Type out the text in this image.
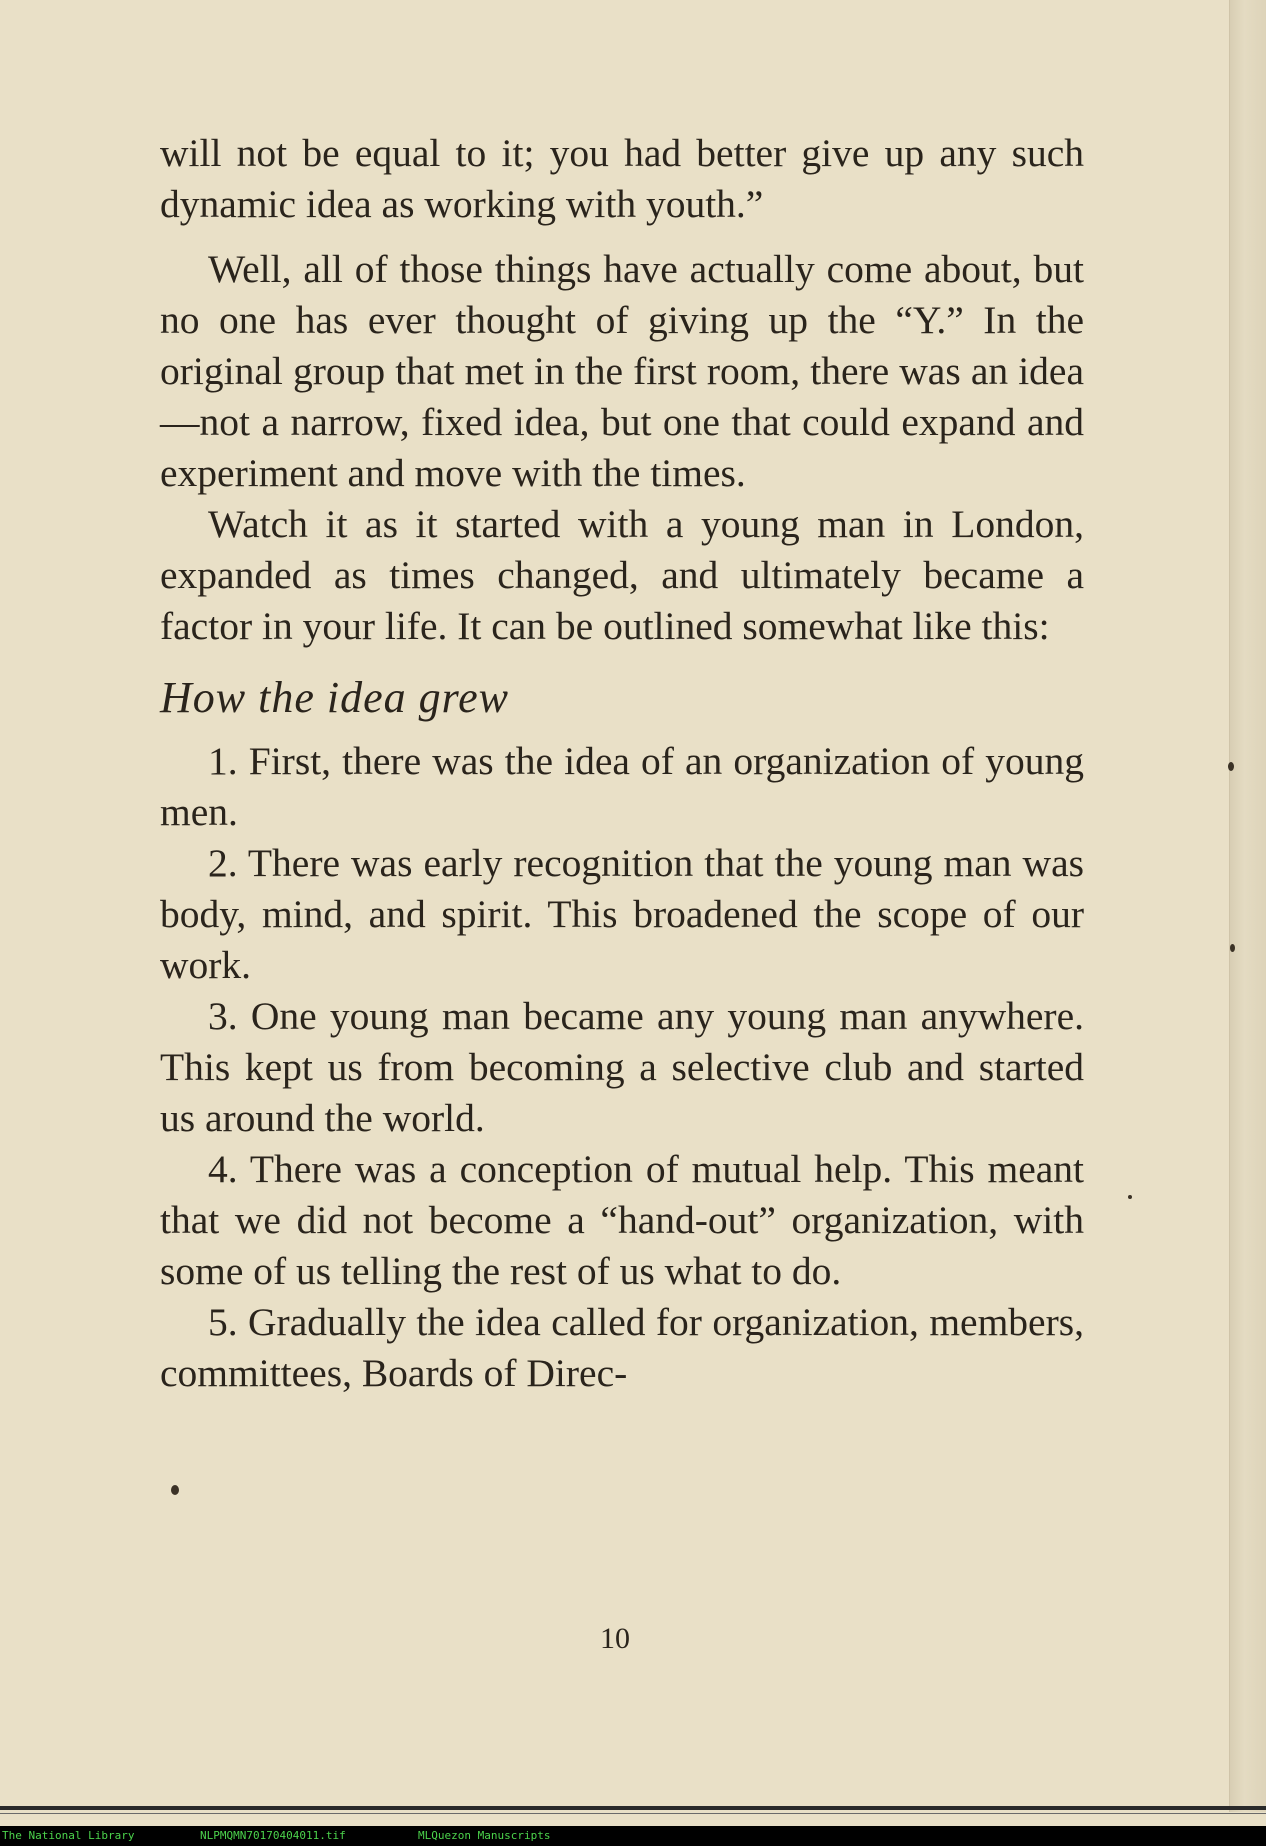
will not be equal to it; you had better give up any such dynamic idea as working with youth.”

Well, all of those things have actually come about, but no one has ever thought of giving up the “Y.” In the original group that met in the first room, there was an idea—not a narrow, fixed idea, but one that could expand and experiment and move with the times.

Watch it as it started with a young man in London, expanded as times changed, and ultimately became a factor in your life. It can be outlined somewhat like this:

How the idea grew

1. First, there was the idea of an organization of young men.

2. There was early recognition that the young man was body, mind, and spirit. This broadened the scope of our work.

3. One young man became any young man anywhere. This kept us from becoming a selective club and started us around the world.

4. There was a conception of mutual help. This meant that we did not become a “hand-out” organization, with some of us telling the rest of us what to do.

5. Gradually the idea called for organization, members, committees, Boards of Direc-

10
The National Library	NLPMQMN70170404011.tif	MLQuezon Manuscripts
